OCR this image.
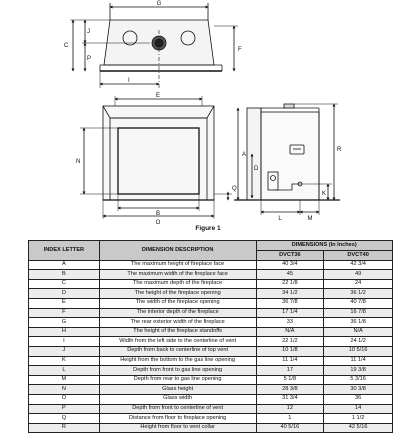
G
F
C
J
P
I
E
N
Q
B
O
A
R
K
D
L	M
Figure 1
INDEX LETTER	DIMENSION DESCRIPTION	DIMENSIONS (In Inches)	
		DVCT36	DVCT40
A	The maximum height of fireplace face	40 3/4	42 3/4
B	The maximum width of the fireplace face	45	49
C	The maximum depth of the fireplace	22 1/8	24
D	The height of the fireplace opening	34 1/2	36 1/2
E	The width of the fireplace opening	36 7/8	40 7/8
F	The interior depth of the fireplace	17 1/4	16 7/8
G	The rear exterior width of the fireplace	33	36 1/8
H	The height of the fireplace standoffs	N/A	N/A
I	Width from the left side to the centerline of vent	22 1/2	24 1/2
J	Depth from back to centerline of top vent	10 1/8	10 5/16
K	Height from the bottom to the gas line opening	11 1/4	11 1/4
L	Depth from front to gas line opening	17	19 3/8
M	Depth from rear to gas line opening	5 1/8	5 3/16
N	Glass height	28 3/8	30 3/8
O	Glass width	31 3/4	36
P	Depth from front to centerline of vent	12	14
Q	Distance from floor to fireplace opening	1	1 1/2
R	Height from floor to vent collar	40 5/16	42 5/16
